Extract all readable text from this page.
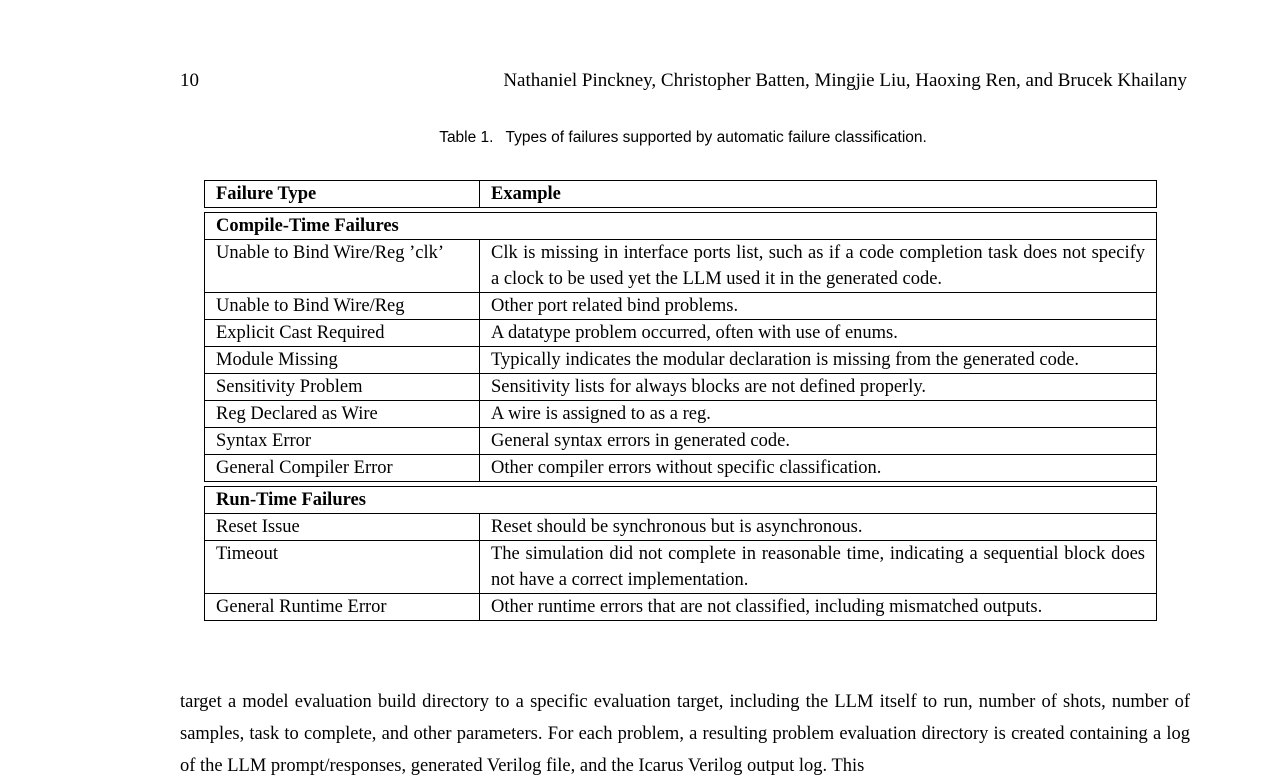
10	Nathaniel Pinckney, Christopher Batten, Mingjie Liu, Haoxing Ren, and Brucek Khailany
Table 1. Types of failures supported by automatic failure classification.
Failure Type	Example
Compile-Time Failures	
Unable to Bind Wire/Reg ’clk’	Clk is missing in interface ports list, such as if a code completion task does not specify a clock to be used yet the LLM used it in the generated code.
Unable to Bind Wire/Reg	Other port related bind problems.
Explicit Cast Required	A datatype problem occurred, often with use of enums.
Module Missing	Typically indicates the modular declaration is missing from the generated code.
Sensitivity Problem	Sensitivity lists for always blocks are not defined properly.
Reg Declared as Wire	A wire is assigned to as a reg.
Syntax Error	General syntax errors in generated code.
General Compiler Error	Other compiler errors without specific classification.
Run-Time Failures	
Reset Issue	Reset should be synchronous but is asynchronous.
Timeout	The simulation did not complete in reasonable time, indicating a sequential block does not have a correct implementation.
General Runtime Error	Other runtime errors that are not classified, including mismatched outputs.
target a model evaluation build directory to a specific evaluation target, including the LLM itself to run, number of shots, number of samples, task to complete, and other parameters. For each problem, a resulting problem evaluation directory is created containing a log of the LLM prompt/responses, generated Verilog file, and the Icarus Verilog output log. This
